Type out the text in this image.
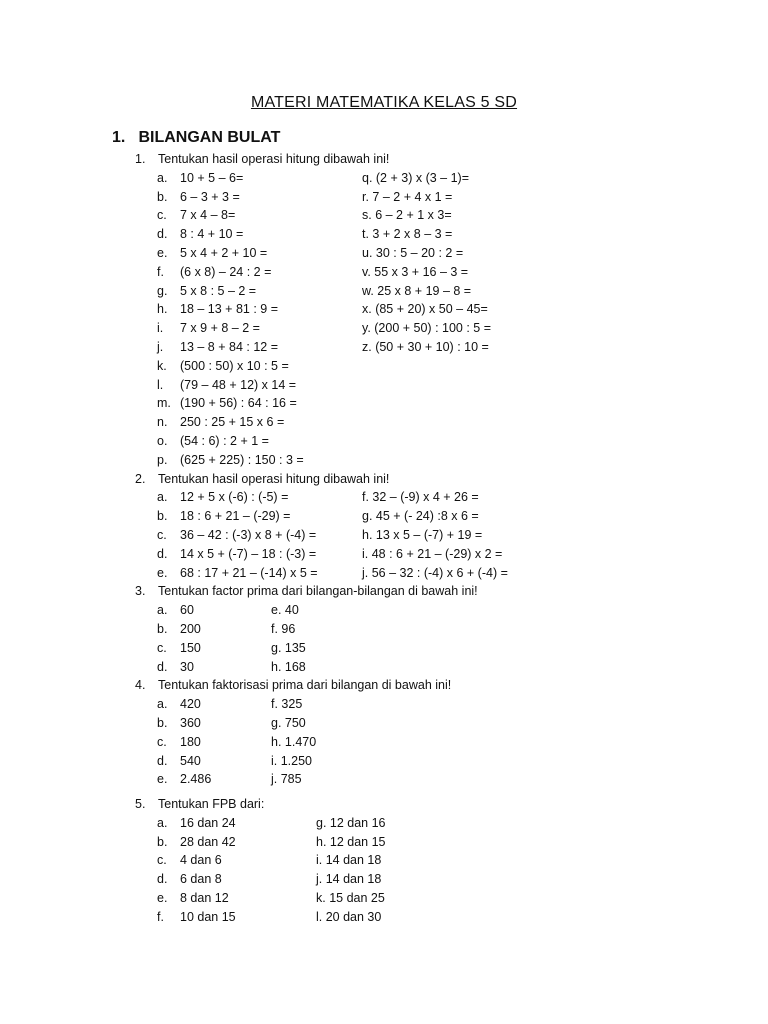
MATERI MATEMATIKA KELAS 5 SD
1. BILANGAN BULAT
1. Tentukan hasil operasi hitung dibawah ini!
a. 10 + 5 – 6=	q. (2 + 3) x (3 – 1)=
b. 6 – 3 + 3 =	r. 7 – 2 + 4 x 1 =
c. 7 x 4 – 8=	s. 6 – 2 + 1 x 3=
d. 8 : 4 + 10 =	t. 3 + 2 x 8 – 3 =
e. 5 x 4 + 2 + 10 =	u. 30 : 5 – 20 : 2 =
f. (6 x 8) – 24 : 2 =	v. 55 x 3 + 16 – 3 =
g. 5 x 8 : 5 – 2 =	w. 25 x 8 + 19 – 8 =
h. 18 – 13 + 81 : 9 =	x. (85 + 20) x 50 – 45=
i. 7 x 9 + 8 – 2 =	y. (200 + 50) : 100 : 5 =
j. 13 – 8 + 84 : 12 =	z. (50 + 30 + 10) : 10 =
k. (500 : 50) x 10 : 5 =
l. (79 – 48 + 12) x 14 =
m. (190 + 56) : 64 : 16 =
n. 250 : 25 + 15 x 6 =
o. (54 : 6) : 2 + 1 =
p. (625 + 225) : 150 : 3 =
2. Tentukan hasil operasi hitung dibawah ini!
a. 12 + 5 x (-6) : (-5) =	f. 32 – (-9) x 4 + 26 =
b. 18 : 6 + 21 – (-29) =	g. 45 + (- 24) :8 x 6 =
c. 36 – 42 : (-3) x 8 + (-4) =	h. 13 x 5 – (-7) + 19 =
d. 14 x 5 + (-7) – 18 : (-3) =	i. 48 : 6 + 21 – (-29) x 2 =
e. 68 : 17 + 21 – (-14) x 5 =	j. 56 – 32 : (-4) x 6 + (-4) =
3. Tentukan factor prima dari bilangan-bilangan di bawah ini!
a. 60	e. 40
b. 200	f. 96
c. 150	g. 135
d. 30	h. 168
4. Tentukan faktorisasi prima dari bilangan di bawah ini!
a. 420	f. 325
b. 360	g. 750
c. 180	h. 1.470
d. 540	i. 1.250
e. 2.486	j. 785
5. Tentukan FPB dari:
a. 16 dan 24	g. 12 dan 16
b. 28 dan 42	h. 12 dan 15
c. 4 dan 6	i. 14 dan 18
d. 6 dan 8	j. 14 dan 18
e. 8 dan 12	k. 15 dan 25
f. 10 dan 15	l. 20 dan 30
